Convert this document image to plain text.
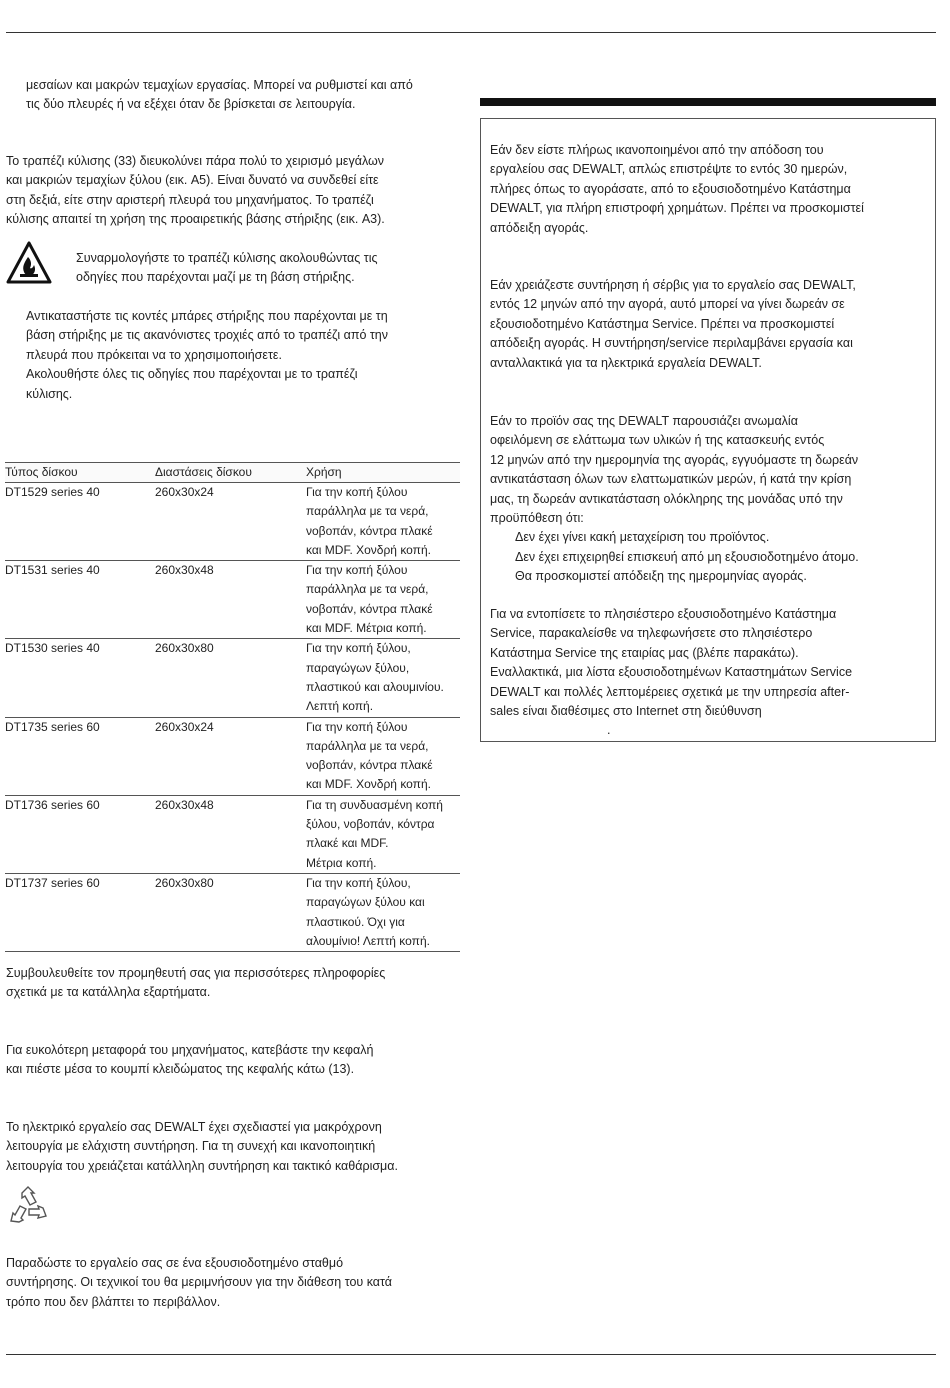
μεσαίων και μακρών τεμαχίων εργασίας. Μπορεί να ρυθμιστεί και από

τις δύο πλευρές ή να εξέχει όταν δε βρίσκεται σε λειτουργία.

Το τραπέζι κύλισης (33) διευκολύνει πάρα πολύ το χειρισμό μεγάλων

και μακριών τεμαχίων ξύλου (εικ. A5). Είναι δυνατό να συνδεθεί είτε

στη δεξιά, είτε στην αριστερή πλευρά του μηχανήματος. Το τραπέζι

κύλισης απαιτεί τη χρήση της προαιρετικής βάσης στήριξης (εικ. A3).

Συναρμολογήστε το τραπέζι κύλισης ακολουθώντας τις

οδηγίες που παρέχονται μαζί με τη βάση στήριξης.

Αντικαταστήστε τις κοντές μπάρες στήριξης που παρέχονται με τη

βάση στήριξης με τις ακανόνιστες τροχιές από το τραπέζι από την

πλευρά που πρόκειται να το χρησιμοποιήσετε.

Ακολουθήστε όλες τις οδηγίες που παρέχονται με το τραπέζι

κύλισης.

Τύπος δίσκου	Διαστάσεις δίσκου	Χρήση
DT1529 series 40	260x30x24	Για την κοπή ξύλου
παράλληλα με τα νερά,
νοβοπάν, κόντρα πλακέ
και MDF. Χονδρή κοπή.

DT1531 series 40	260x30x48	Για την κοπή ξύλου
παράλληλα με τα νερά,
νοβοπάν, κόντρα πλακέ
και MDF. Μέτρια κοπή.

DT1530 series 40	260x30x80	Για την κοπή ξύλου,
παραγώγων ξύλου,
πλαστικού και αλουμινίου.
Λεπτή κοπή.

DT1735 series 60	260x30x24	Για την κοπή ξύλου
παράλληλα με τα νερά,
νοβοπάν, κόντρα πλακέ
και MDF. Χονδρή κοπή.

DT1736 series 60	260x30x48	Για τη συνδυασμένη κοπή
ξύλου, νοβοπάν, κόντρα
πλακέ και MDF.
Μέτρια κοπή.

DT1737 series 60	260x30x80	Για την κοπή ξύλου,
παραγώγων ξύλου και
πλαστικού. Όχι για
αλουμίνιο! Λεπτή κοπή.

Συμβουλευθείτε τον προμηθευτή σας για περισσότερες πληροφορίες

σχετικά με τα κατάλληλα εξαρτήματα.

Για ευκολότερη μεταφορά του μηχανήματος, κατεβάστε την κεφαλή

και πιέστε μέσα το κουμπί κλειδώματος της κεφαλής κάτω (13).

Το ηλεκτρικό εργαλείο σας DEWALT έχει σχεδιαστεί για μακρόχρονη

λειτουργία με ελάχιστη συντήρηση. Για τη συνεχή και ικανοποιητική

λειτουργία του χρειάζεται κατάλληλη συντήρηση και τακτικό καθάρισμα.

Παραδώστε το εργαλείο σας σε ένα εξουσιοδοτημένο σταθμό

συντήρησης. Οι τεχνικοί του θα μεριμνήσουν για την διάθεση του κατά

τρόπο που δεν βλάπτει το περιβάλλον.

Εάν δεν είστε πλήρως ικανοποιημένοι από την απόδοση του

εργαλείου σας DEWALT, απλώς επιστρέψτε το εντός 30 ημερών,

πλήρες όπως το αγοράσατε, από το εξουσιοδοτημένο Κατάστημα

DEWALT, για πλήρη επιστροφή χρημάτων. Πρέπει να προσκομιστεί

απόδειξη αγοράς.

Εάν χρειάζεστε συντήρηση ή σέρβις για το εργαλείο σας DEWALT,

εντός 12 μηνών από την αγορά, αυτό μπορεί να γίνει δωρεάν σε

εξουσιοδοτημένο Κατάστημα Service. Πρέπει να προσκομιστεί

απόδειξη αγοράς. Η συντήρηση/service περιλαμβάνει εργασία και

ανταλλακτικά για τα ηλεκτρικά εργαλεία DEWALT.

Εάν το προϊόν σας της DEWALT παρουσιάζει ανωμαλία

οφειλόμενη σε ελάττωμα των υλικών ή της κατασκευής εντός

12 μηνών από την ημερομηνία της αγοράς, εγγυόμαστε τη δωρεάν

αντικατάσταση όλων των ελαττωματικών μερών, ή κατά την κρίση

μας, τη δωρεάν αντικατάσταση ολόκληρης της μονάδας υπό την

προϋπόθεση ότι:

Δεν έχει γίνει κακή μεταχείριση του προϊόντος.

Δεν έχει επιχειρηθεί επισκευή από μη εξουσιοδοτημένο άτομο.

Θα προσκομιστεί απόδειξη της ημερομηνίας αγοράς.

Για να εντοπίσετε το πλησιέστερο εξουσιοδοτημένο Κατάστημα

Service, παρακαλείσθε να τηλεφωνήσετε στο πλησιέστερο

Κατάστημα Service της εταιρίας μας (βλέπε παρακάτω).

Εναλλακτικά, μια λίστα εξουσιοδοτημένων Καταστημάτων Service

DEWALT και πολλές λεπτομέρειες σχετικά με την υπηρεσία after-

sales είναι διαθέσιμες στο Internet στη διεύθυνση

.
